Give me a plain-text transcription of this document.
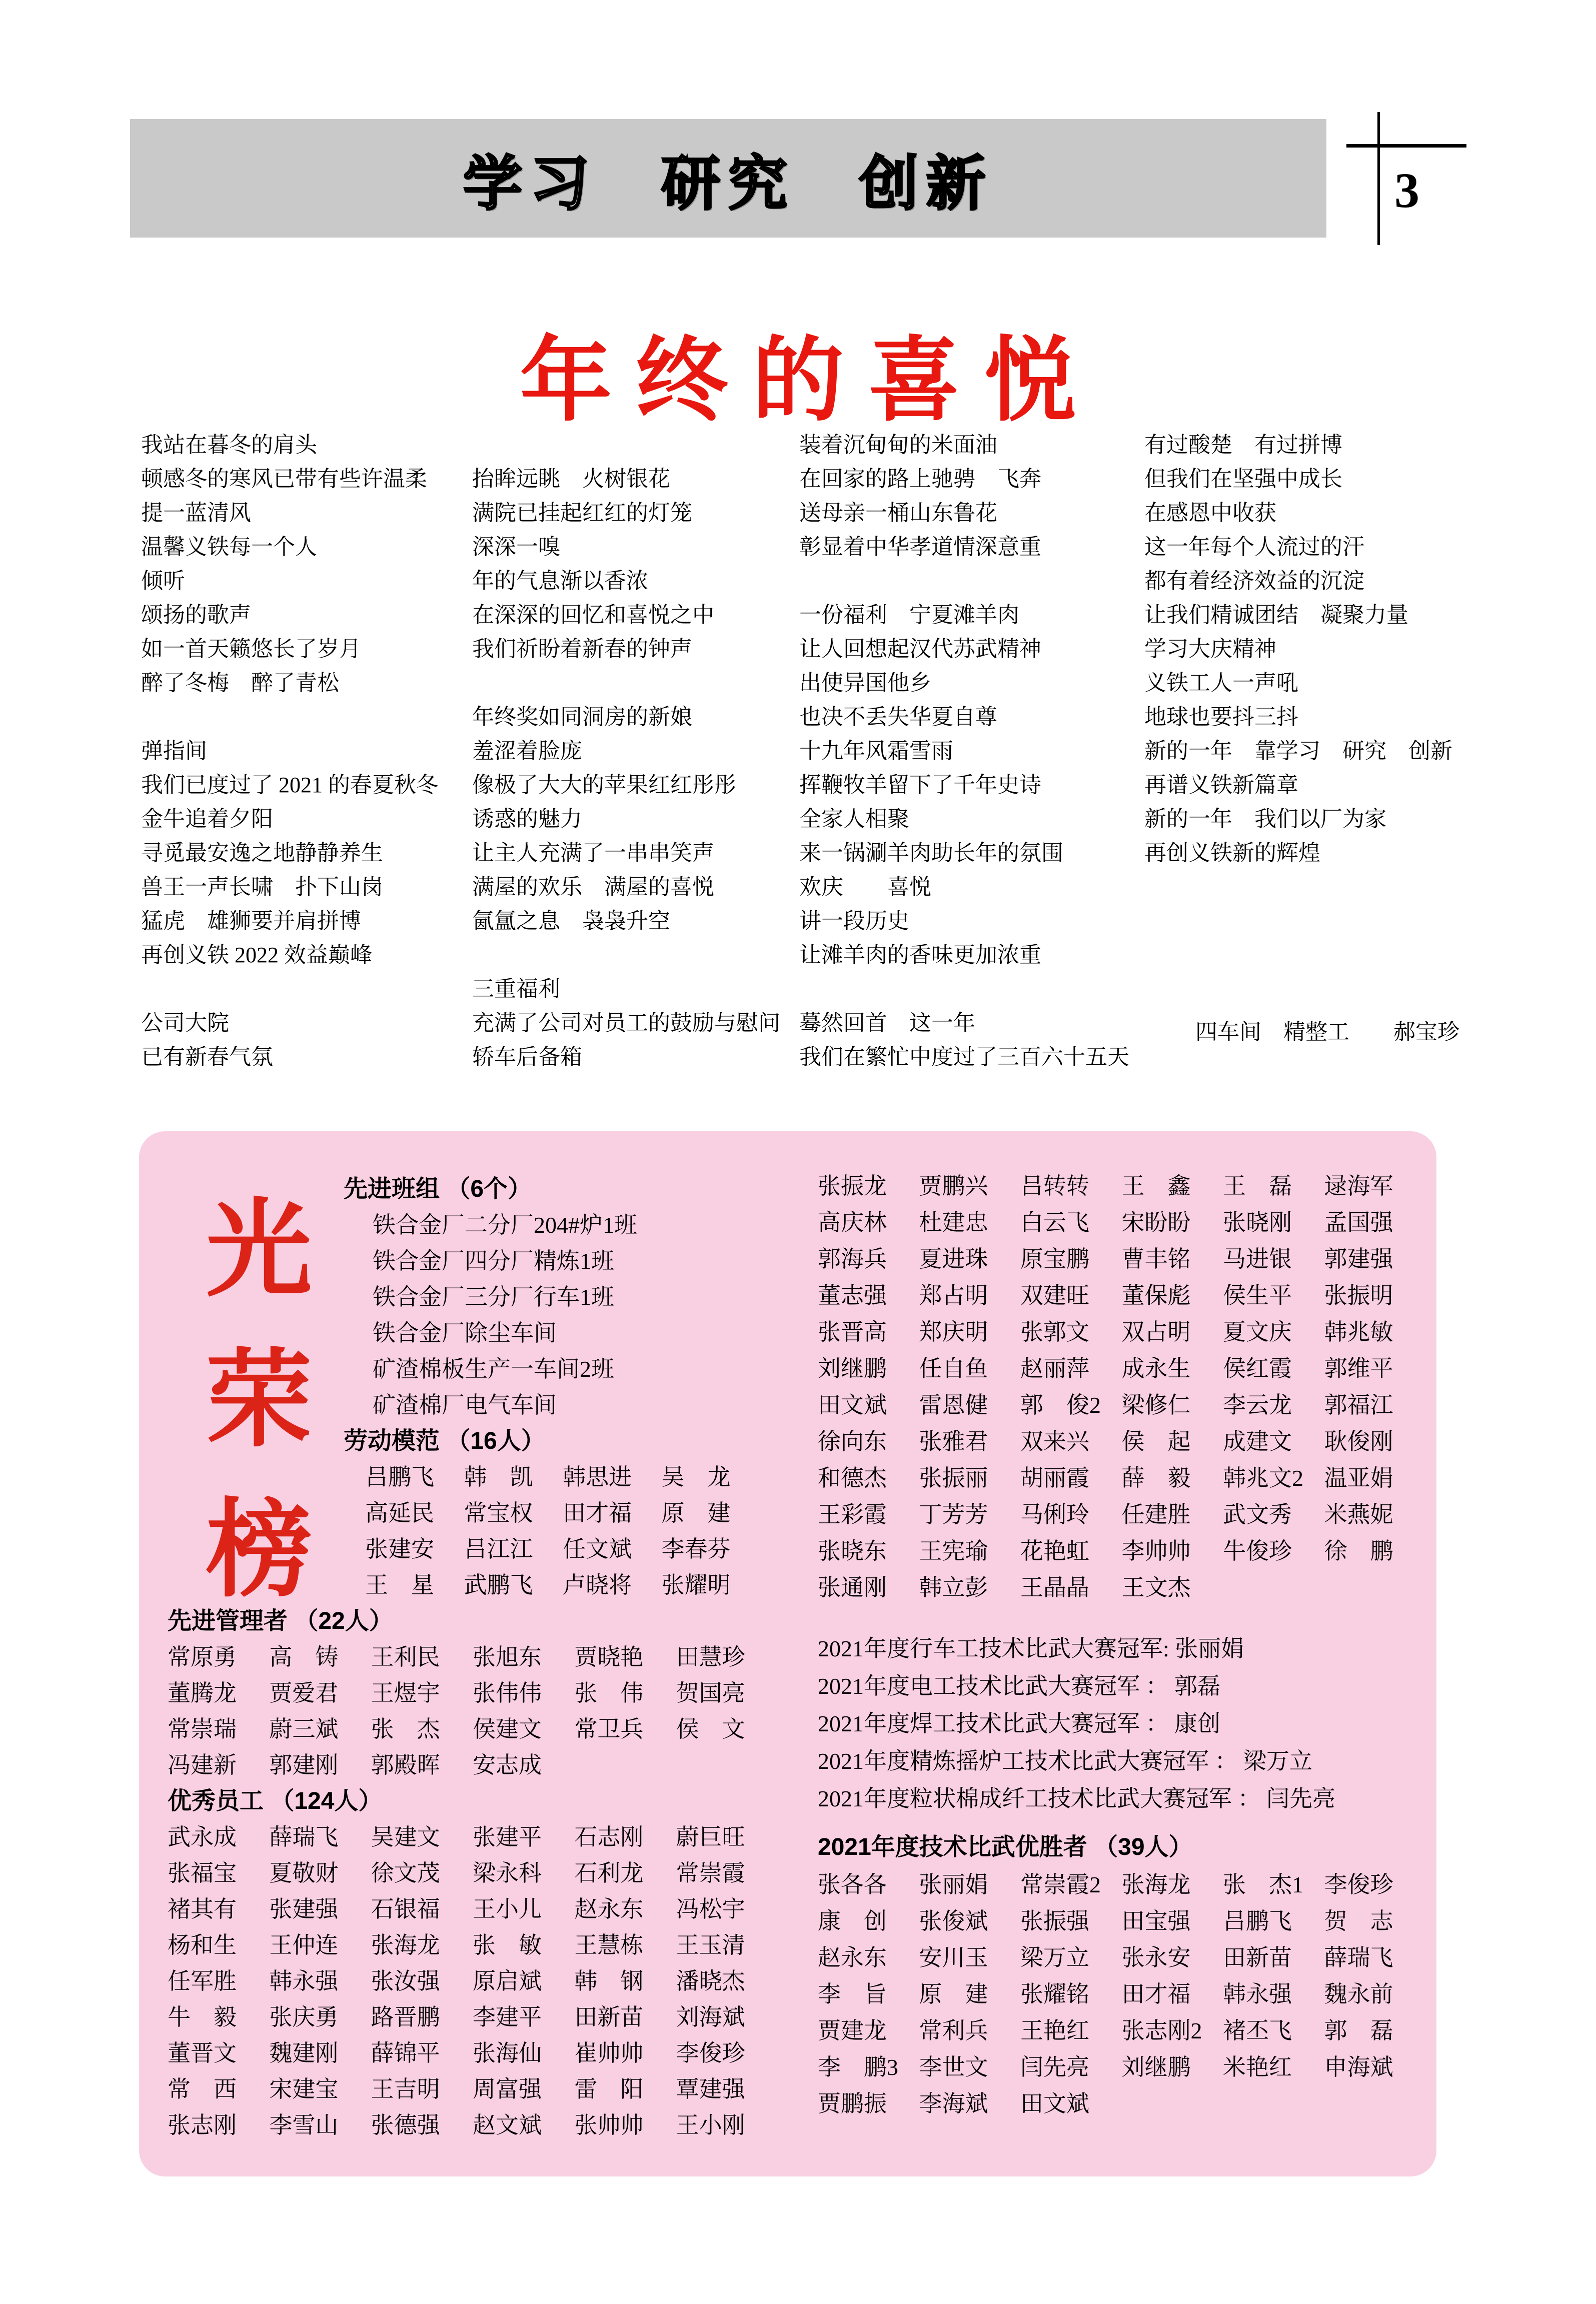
学习 研究 创新	3
年终的喜悦
我站在暮冬的肩头
顿感冬的寒风已带有些许温柔
提一蓝清风
温馨义铁每一个人
倾听
颂扬的歌声
如一首天籁悠长了岁月
醉了冬梅　醉了青松
弹指间
我们已度过了 2021 的春夏秋冬
金牛追着夕阳
寻觅最安逸之地静静养生
兽王一声长啸　扑下山岗
猛虎　雄狮要并肩拼博
再创义铁 2022 效益巅峰
公司大院
已有新春气氛
抬眸远眺　火树银花
满院已挂起红红的灯笼
深深一嗅
年的气息渐以香浓
在深深的回忆和喜悦之中
我们祈盼着新春的钟声
年终奖如同洞房的新娘
羞涩着脸庞
像极了大大的苹果红红彤彤
诱惑的魅力
让主人充满了一串串笑声
满屋的欢乐　满屋的喜悦
氤氲之息　袅袅升空
三重福利
充满了公司对员工的鼓励与慰问
轿车后备箱
装着沉甸甸的米面油
在回家的路上驰骋　飞奔
送母亲一桶山东鲁花
彰显着中华孝道情深意重
一份福利　宁夏滩羊肉
让人回想起汉代苏武精神
出使异国他乡
也决不丢失华夏自尊
十九年风霜雪雨
挥鞭牧羊留下了千年史诗
全家人相聚
来一锅涮羊肉助长年的氛围
欢庆　　喜悦
讲一段历史
让滩羊肉的香味更加浓重
蓦然回首　这一年
我们在繁忙中度过了三百六十五天
有过酸楚　有过拼博
但我们在坚强中成长
在感恩中收获
这一年每个人流过的汗
都有着经济效益的沉淀
让我们精诚团结　凝聚力量
学习大庆精神
义铁工人一声吼
地球也要抖三抖
新的一年　靠学习　研究　创新
再谱义铁新篇章
新的一年　我们以厂为家
再创义铁新的辉煌
四车间　精整工　　郝宝珍
光
荣
榜
先进班组 （6个）
铁合金厂二分厂204#炉1班
铁合金厂四分厂精炼1班
铁合金厂三分厂行车1班
铁合金厂除尘车间
矿渣棉板生产一车间2班
矿渣棉厂电气车间
劳动模范 （16人）
吕鹏飞	韩　凯	韩思进	吴　龙
高延民	常宝权	田才福	原　建
张建安	吕江江	任文斌	李春芬
王　星	武鹏飞	卢晓将	张耀明
先进管理者 （22人）
常原勇	高　铸	王利民	张旭东	贾晓艳	田慧珍
董腾龙	贾爱君	王煜宇	张伟伟	张　伟	贺国亮
常崇瑞	蔚三斌	张　杰	侯建文	常卫兵	侯　文
冯建新	郭建刚	郭殿晖	安志成
优秀员工 （124人）
武永成	薛瑞飞	吴建文	张建平	石志刚	蔚巨旺
张福宝	夏敬财	徐文茂	梁永科	石利龙	常崇霞
褚其有	张建强	石银福	王小儿	赵永东	冯松宇
杨和生	王仲连	张海龙	张　敏	王慧栋	王玉清
任军胜	韩永强	张汝强	原启斌	韩　钢	潘晓杰
牛　毅	张庆勇	路晋鹏	李建平	田新苗	刘海斌
董晋文	魏建刚	薛锦平	张海仙	崔帅帅	李俊珍
常　西	宋建宝	王吉明	周富强	雷　阳	覃建强
张志刚	李雪山	张德强	赵文斌	张帅帅	王小刚
张振龙	贾鹏兴	吕转转	王　鑫	王　磊	逯海军
高庆林	杜建忠	白云飞	宋盼盼	张晓刚	孟国强
郭海兵	夏进珠	原宝鹏	曹丰铭	马进银	郭建强
董志强	郑占明	双建旺	董保彪	侯生平	张振明
张晋高	郑庆明	张郭文	双占明	夏文庆	韩兆敏
刘继鹏	任自鱼	赵丽萍	成永生	侯红霞	郭维平
田文斌	雷恩健	郭　俊2 梁修仁	李云龙	郭福江
徐向东	张雅君	双来兴	侯　起	成建文	耿俊刚
和德杰	张振丽	胡丽霞	薛　毅	韩兆文2 温亚娟
王彩霞	丁芳芳	马俐玲	任建胜	武文秀	米燕妮
张晓东	王宪瑜	花艳虹	李帅帅	牛俊珍	徐　鹏
张通刚	韩立彭	王晶晶	王文杰
2021年度行车工技术比武大赛冠军: 张丽娟
2021年度电工技术比武大赛冠军 ： 郭磊
2021年度焊工技术比武大赛冠军 ： 康创
2021年度精炼摇炉工技术比武大赛冠军 ： 梁万立
2021年度粒状棉成纤工技术比武大赛冠军 ： 闫先亮
2021年度技术比武优胜者 （39人）
张各各	张丽娟	常崇霞2 张海龙	张　杰1 李俊珍
康　创	张俊斌	张振强	田宝强	吕鹏飞	贺　志
赵永东	安川玉	梁万立	张永安	田新苗	薛瑞飞
李　旨	原　建	张耀铭	田才福	韩永强	魏永前
贾建龙	常利兵	王艳红	张志刚2 褚丕飞	郭　磊
李　鹏3 李世文	闫先亮	刘继鹏	米艳红	申海斌
贾鹏振	李海斌	田文斌
